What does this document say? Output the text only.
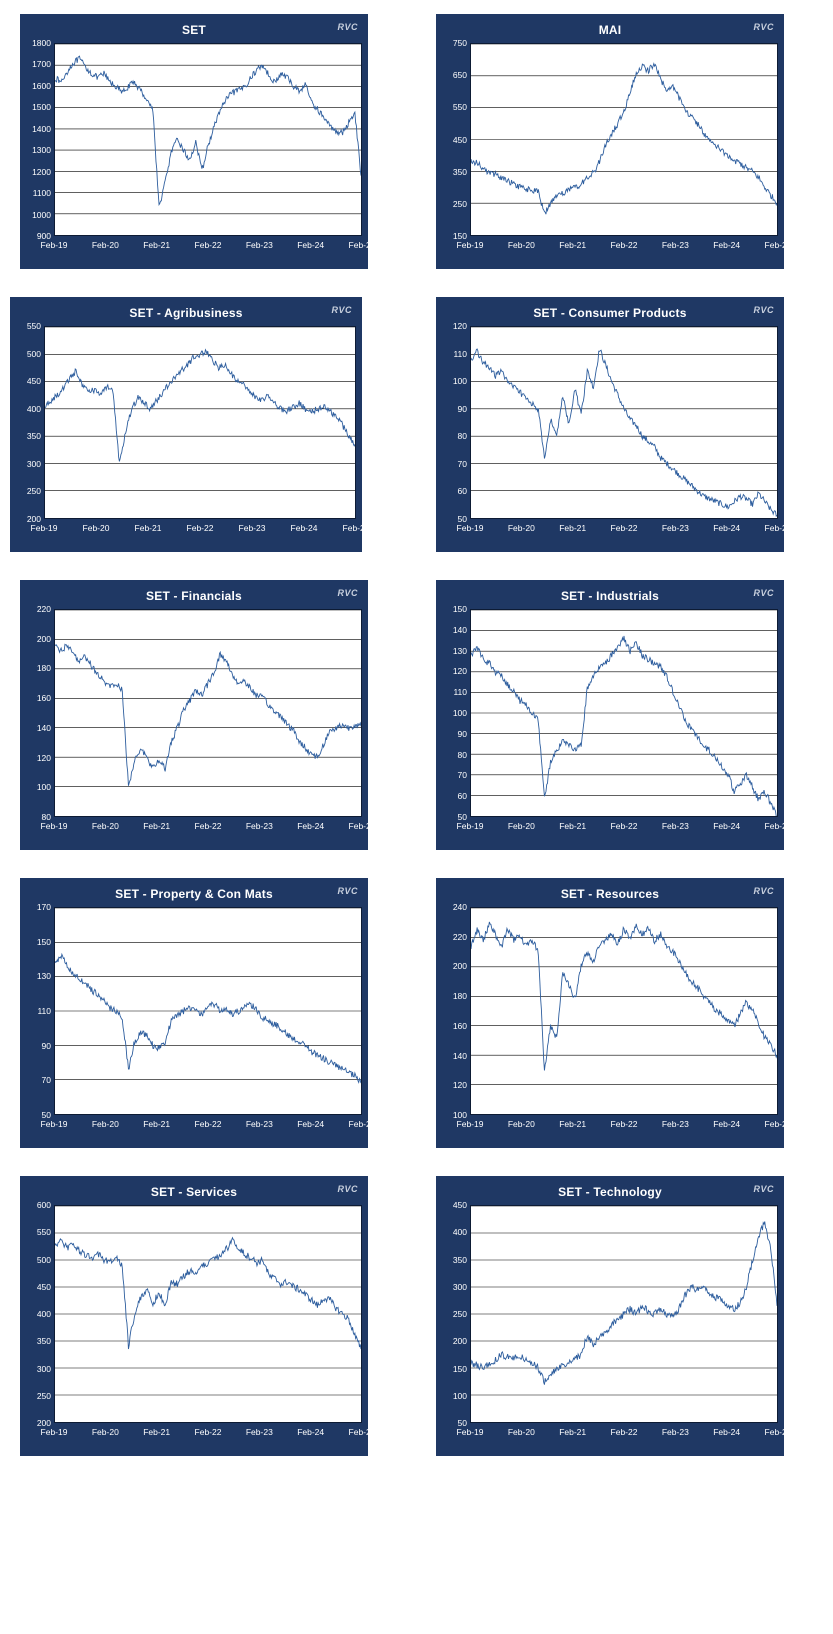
SET	RVC
900
1000
1100
1200
1300
1400
1500
1600
1700
1800
Feb-19	Feb-20	Feb-21	Feb-22	Feb-23	Feb-24	Feb-25
MAI	RVC
150
250
350
450
550
650
750
Feb-19	Feb-20	Feb-21	Feb-22	Feb-23	Feb-24	Feb-25
SET - Agribusiness	RVC
200
250
300
350
400
450
500
550
Feb-19	Feb-20	Feb-21	Feb-22	Feb-23	Feb-24	Feb-25
SET - Consumer Products	RVC
50
60
70
80
90
100
110
120
Feb-19	Feb-20	Feb-21	Feb-22	Feb-23	Feb-24	Feb-25
SET - Financials	RVC
80
100
120
140
160
180
200
220
Feb-19	Feb-20	Feb-21	Feb-22	Feb-23	Feb-24	Feb-25
SET - Industrials	RVC
50
60
70
80
90
100
110
120
130
140
150
Feb-19	Feb-20	Feb-21	Feb-22	Feb-23	Feb-24	Feb-25
SET - Property & Con Mats	RVC
50
70
90
110
130
150
170
Feb-19	Feb-20	Feb-21	Feb-22	Feb-23	Feb-24	Feb-25
SET - Resources	RVC
100
120
140
160
180
200
220
240
Feb-19	Feb-20	Feb-21	Feb-22	Feb-23	Feb-24	Feb-25
SET - Services	RVC
200
250
300
350
400
450
500
550
600
Feb-19	Feb-20	Feb-21	Feb-22	Feb-23	Feb-24	Feb-25
SET - Technology	RVC
50
100
150
200
250
300
350
400
450
Feb-19	Feb-20	Feb-21	Feb-22	Feb-23	Feb-24	Feb-25
